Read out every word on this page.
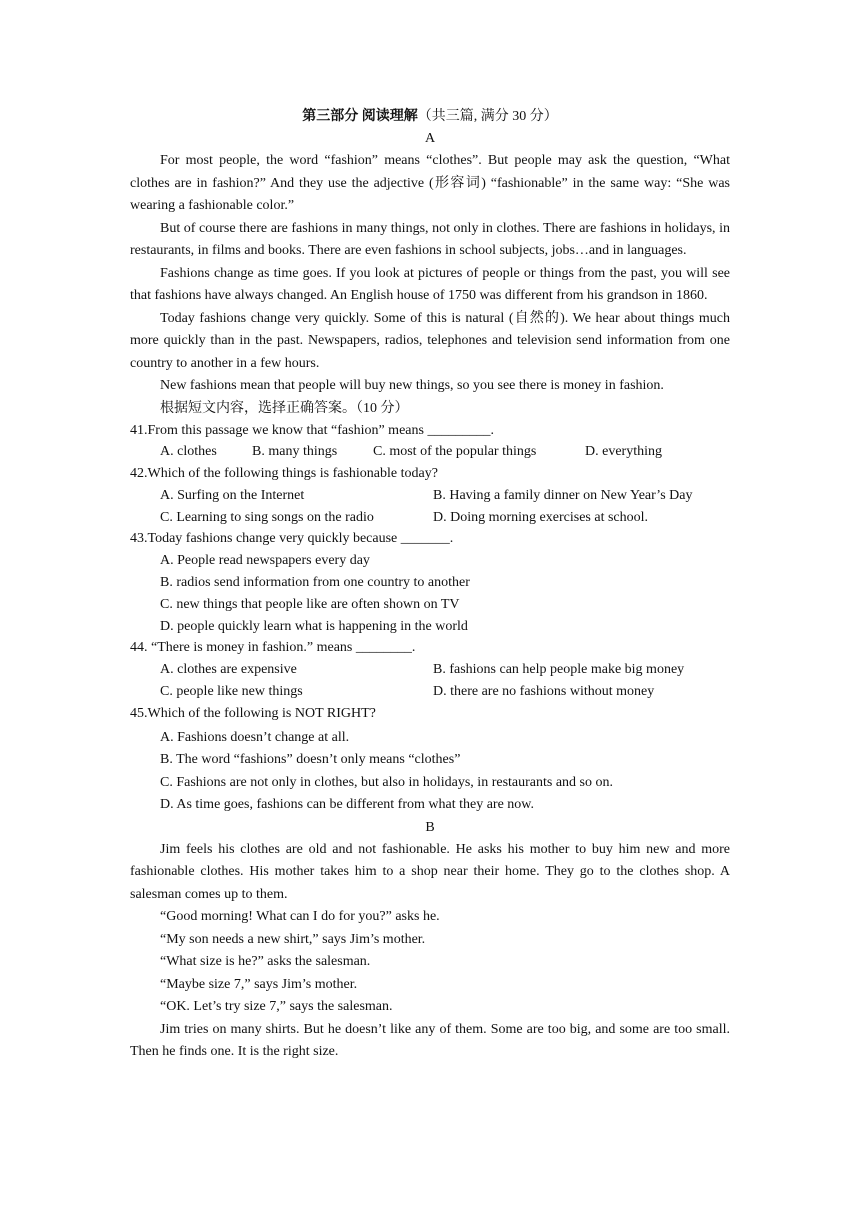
第三部分 阅读理解（共三篇, 满分 30 分）
A

For most people, the word “fashion” means “clothes”. But people may ask the question, “What clothes are in fashion?” And they use the adjective (形容词) “fashionable” in the same way: “She was wearing a fashionable color.”

But of course there are fashions in many things, not only in clothes. There are fashions in holidays, in restaurants, in films and books. There are even fashions in school subjects, jobs…and in languages.

Fashions change as time goes. If you look at pictures of people or things from the past, you will see that fashions have always changed. An English house of 1750 was different from his grandson in 1860.

Today fashions change very quickly. Some of this is natural (自然的). We hear about things much more quickly than in the past. Newspapers, radios, telephones and television send information from one country to another in a few hours.

New fashions mean that people will buy new things, so you see there is money in fashion.

根据短文内容，选择正确答案。（10 分）
41.From this passage we know that “fashion” means _________.
A. clothes	B. many things	C. most of the popular things	D. everything
42.Which of the following things is fashionable today?
A. Surfing on the Internet	B. Having a family dinner on New Year’s Day
C. Learning to sing songs on the radio	D. Doing morning exercises at school.
43.Today fashions change very quickly because _______.
A. People read newspapers every day
B. radios send information from one country to another
C. new things that people like are often shown on TV
D. people quickly learn what is happening in the world
44. “There is money in fashion.” means ________.
A. clothes are expensive	B. fashions can help people make big money
C. people like new things	D. there are no fashions without money
45.Which of the following is NOT RIGHT?
A. Fashions doesn’t change at all.
B. The word “fashions” doesn’t only means “clothes”
C. Fashions are not only in clothes, but also in holidays, in restaurants and so on.
D. As time goes, fashions can be different from what they are now.
B

Jim feels his clothes are old and not fashionable. He asks his mother to buy him new and more fashionable clothes. His mother takes him to a shop near their home. They go to the clothes shop. A salesman comes up to them.

“Good morning! What can I do for you?” asks he.

“My son needs a new shirt,” says Jim’s mother.

“What size is he?” asks the salesman.

“Maybe size 7,” says Jim’s mother.

“OK. Let’s try size 7,” says the salesman.

Jim tries on many shirts. But he doesn’t like any of them. Some are too big, and some are too small. Then he finds one. It is the right size.
